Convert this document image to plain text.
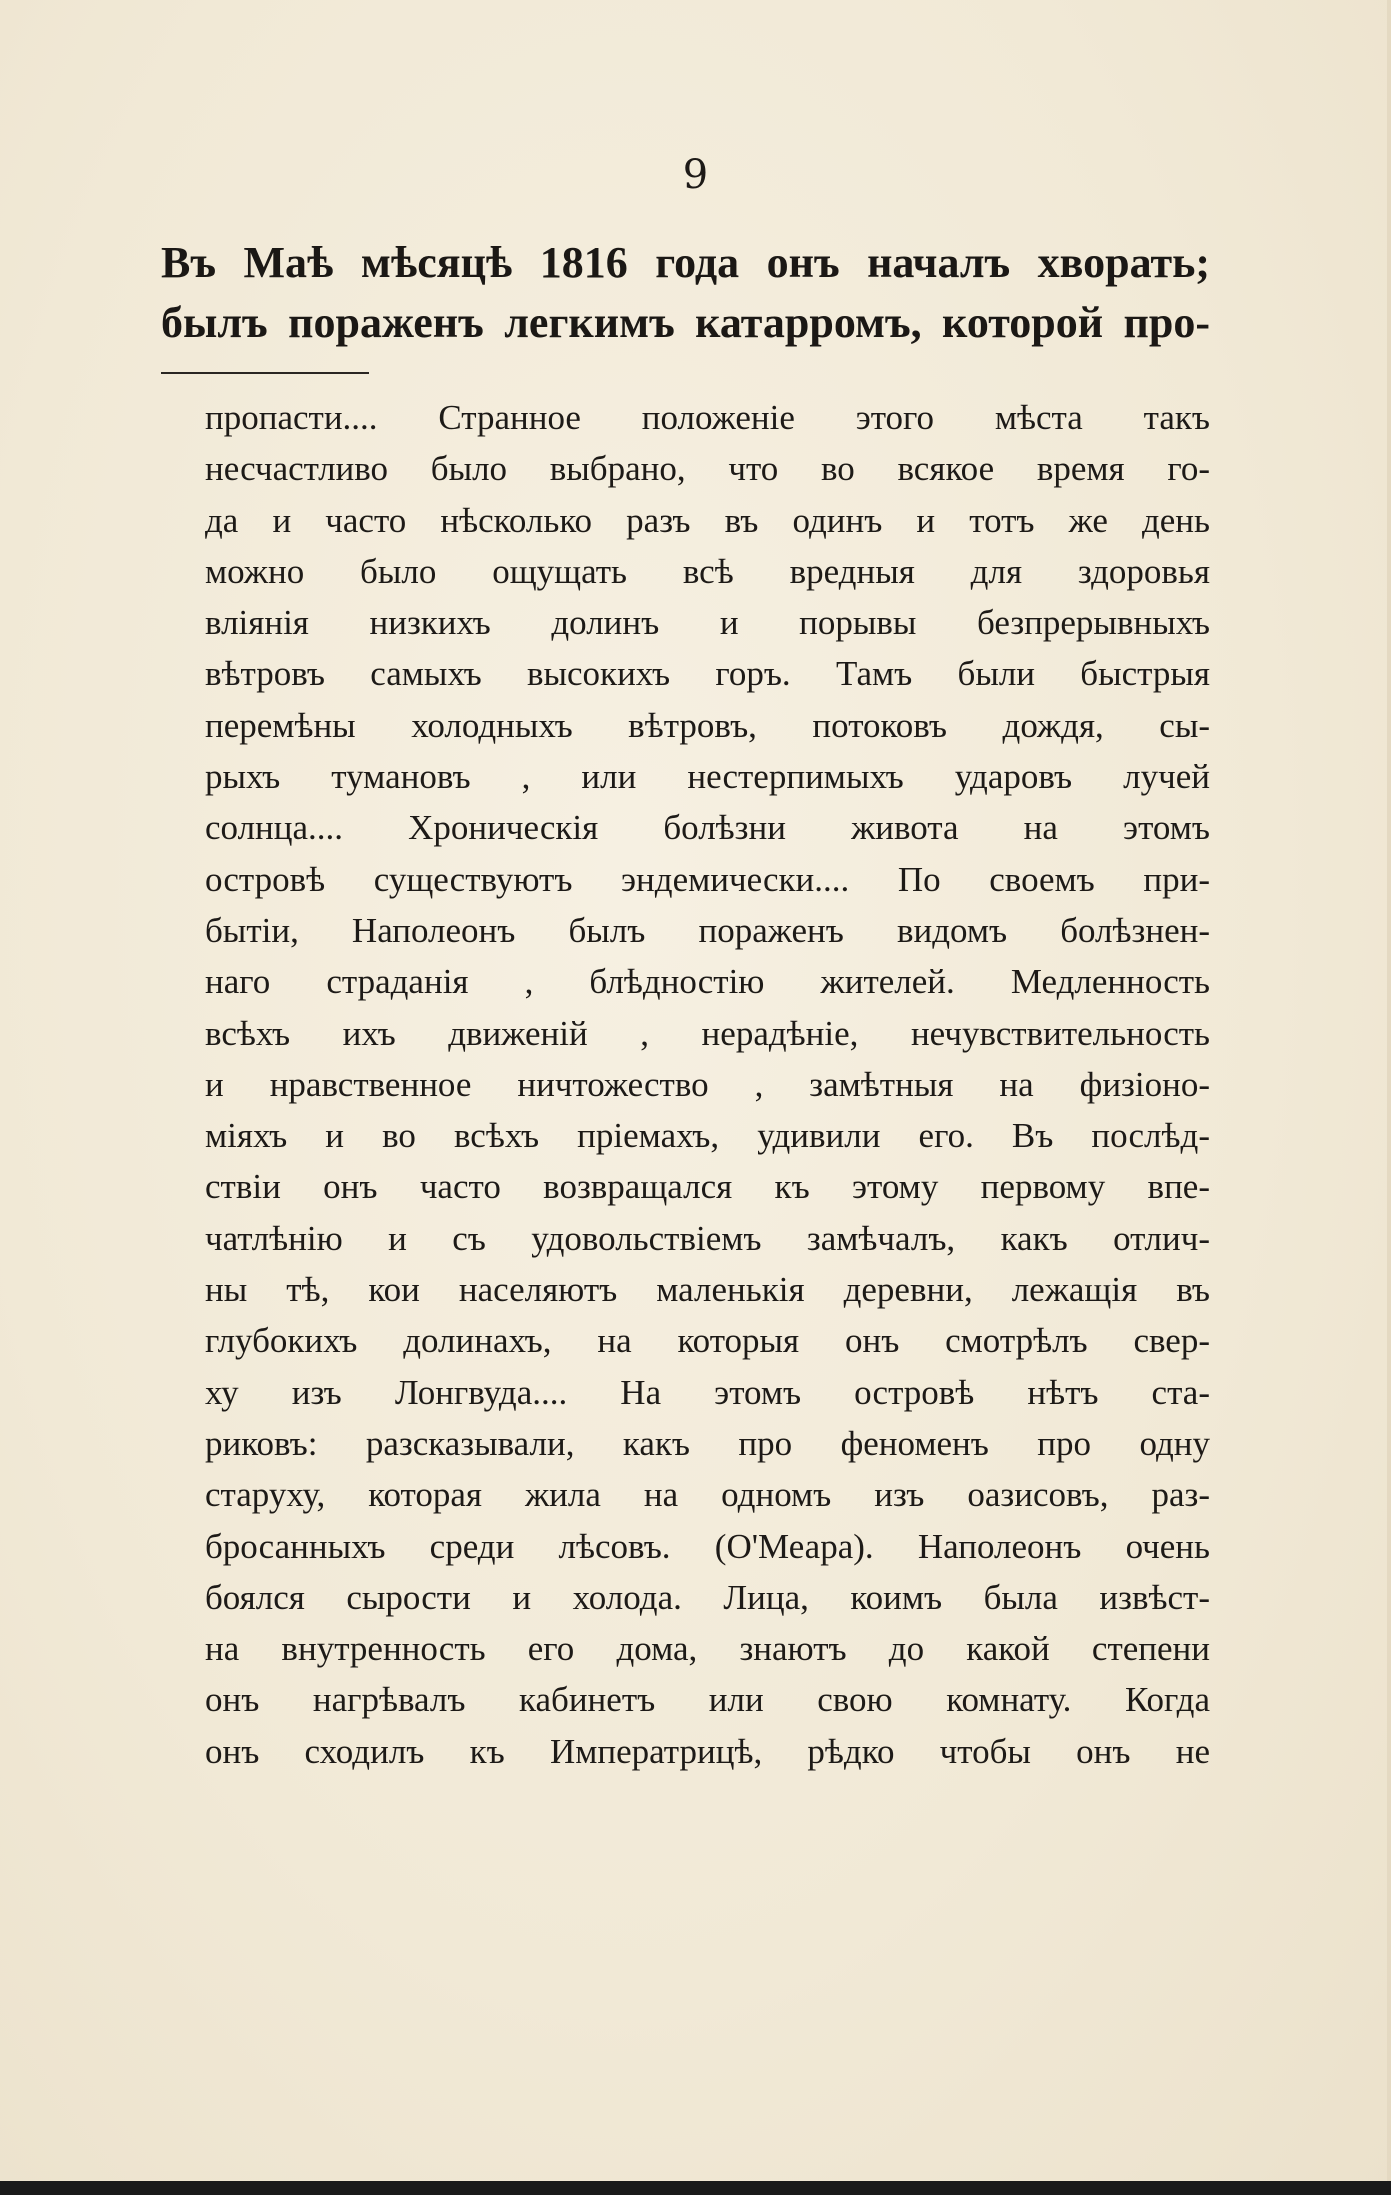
9
Въ Маѣ мѣсяцѣ 1816 года онъ началъ хворать;
былъ пораженъ легкимъ катарромъ, которой про-
пропасти.... Странное положеніе этого мѣста такъ
несчастливо было выбрано, что во всякое время го-
да и часто нѣсколько разъ въ одинъ и тотъ же день
можно было ощущать всѣ вредныя для здоровья
вліянія низкихъ долинъ и порывы безпрерывныхъ
вѣтровъ самыхъ высокихъ горъ. Тамъ были быстрыя
перемѣны холодныхъ вѣтровъ, потоковъ дождя, сы-
рыхъ тумановъ , или нестерпимыхъ ударовъ лучей
солнца.... Хроническія болѣзни живота на этомъ
островѣ существуютъ эндемически.... По своемъ при-
бытіи, Наполеонъ былъ пораженъ видомъ болѣзнен-
наго страданія , блѣдностію жителей. Медленность
всѣхъ ихъ движеній , нерадѣніе, нечувствительность
и нравственное ничтожество , замѣтныя на физіоно-
міяхъ и во всѣхъ пріемахъ, удивили его. Въ послѣд-
ствіи онъ часто возвращался къ этому первому впе-
чатлѣнію и съ удовольствіемъ замѣчалъ, какъ отлич-
ны тѣ, кои населяютъ маленькія деревни, лежащія въ
глубокихъ долинахъ, на которыя онъ смотрѣлъ свер-
ху изъ Лонгвуда.... На этомъ островѣ нѣтъ ста-
риковъ: разсказывали, какъ про феноменъ про одну
старуху, которая жила на одномъ изъ оазисовъ, раз-
бросанныхъ среди лѣсовъ. (О'Меара). Наполеонъ очень
боялся сырости и холода. Лица, коимъ была извѣст-
на внутренность его дома, знаютъ до какой степени
онъ нагрѣвалъ кабинетъ или свою комнату. Когда
онъ сходилъ къ Императрицѣ, рѣдко чтобы онъ не
